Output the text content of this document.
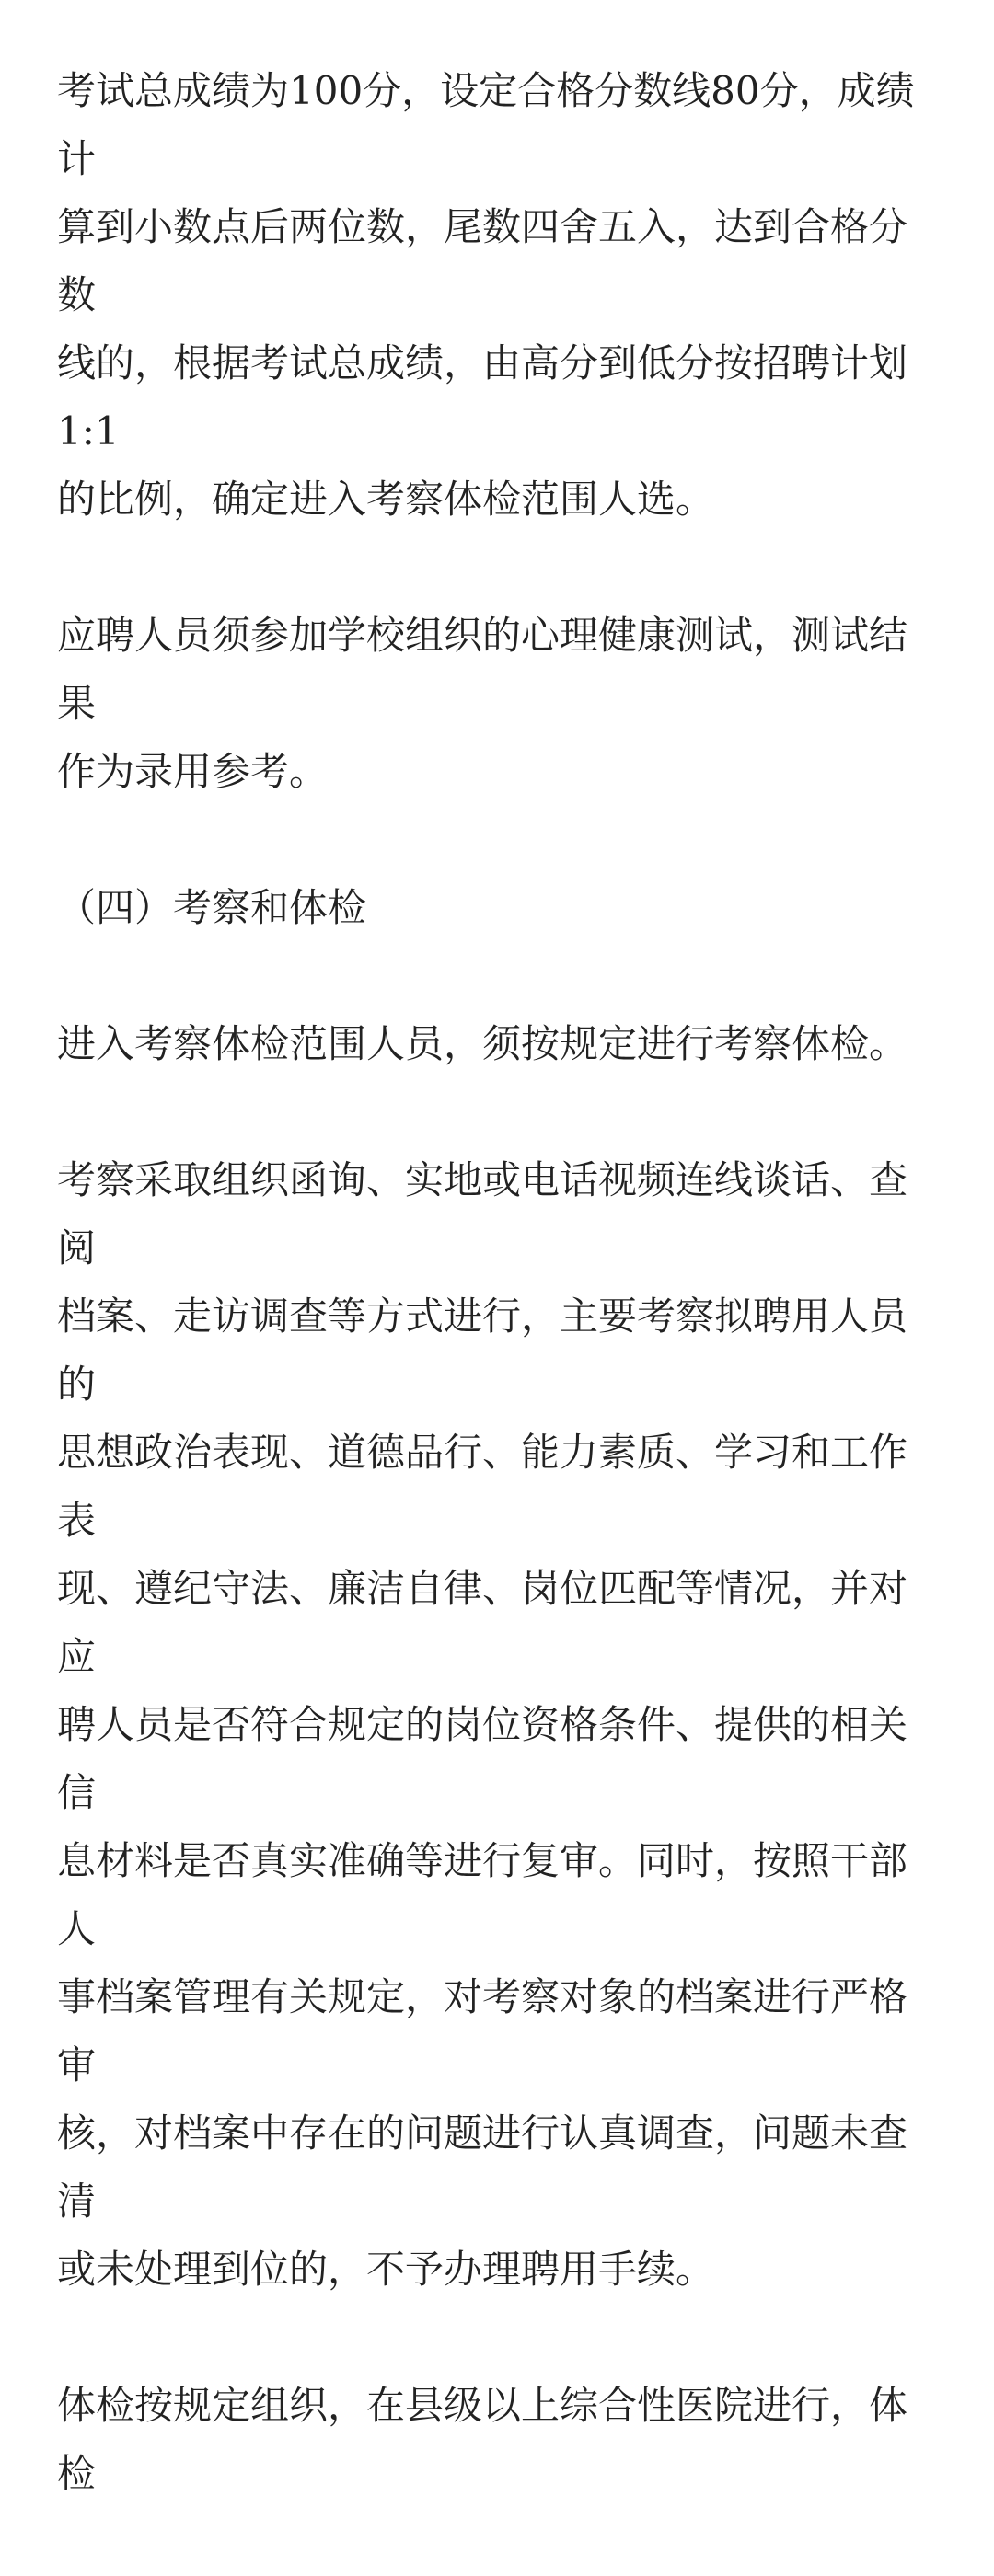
考试总成绩为100分，设定合格分数线80分，成绩计
算到小数点后两位数，尾数四舍五入，达到合格分数
线的，根据考试总成绩，由高分到低分按招聘计划1:1
的比例，确定进入考察体检范围人选。

应聘人员须参加学校组织的心理健康测试，测试结果
作为录用参考。

（四）考察和体检

进入考察体检范围人员，须按规定进行考察体检。

考察采取组织函询、实地或电话视频连线谈话、查阅
档案、走访调查等方式进行，主要考察拟聘用人员的
思想政治表现、道德品行、能力素质、学习和工作表
现、遵纪守法、廉洁自律、岗位匹配等情况，并对应
聘人员是否符合规定的岗位资格条件、提供的相关信
息材料是否真实准确等进行复审。同时，按照干部人
事档案管理有关规定，对考察对象的档案进行严格审
核，对档案中存在的问题进行认真调查，问题未查清
或未处理到位的，不予办理聘用手续。

体检按规定组织，在县级以上综合性医院进行，体检
